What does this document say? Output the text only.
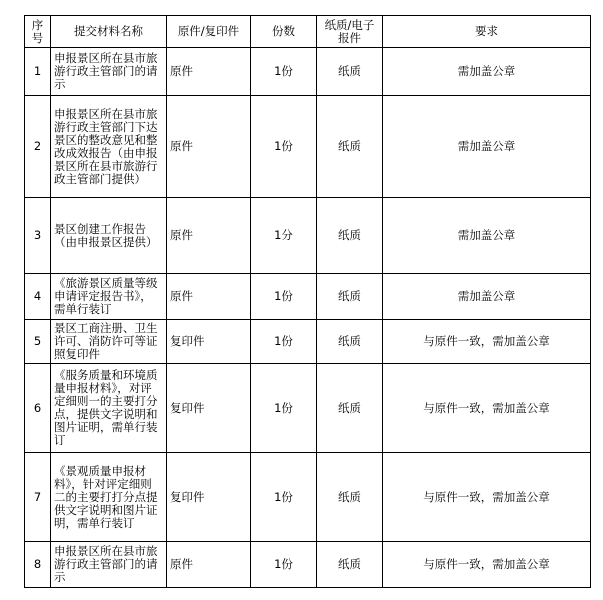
序号	提交材料名称	原件/复印件	份数	纸质/电子报件	要求
1	申报景区所在县市旅游行政主管部门的请示	原件	1份	纸质	需加盖公章
2	申报景区所在县市旅游行政主管部门下达景区的整改意见和整改成效报告（由申报景区所在县市旅游行政主管部门提供）	原件	1份	纸质	需加盖公章
3	景区创建工作报告（由申报景区提供）	原件	1分	纸质	需加盖公章
4	《旅游景区质量等级申请评定报告书》，需单行装订	原件	1份	纸质	需加盖公章
5	景区工商注册、卫生许可、消防许可等证照复印件	复印件	1份	纸质	与原件一致，需加盖公章
6	《服务质量和环境质量申报材料》，对评定细则一的主要打分点，提供文字说明和图片证明，需单行装订	复印件	1份	纸质	与原件一致，需加盖公章
7	《景观质量申报材料》，针对评定细则二的主要打打分点提供文字说明和图片证明，需单行装订	复印件	1份	纸质	与原件一致，需加盖公章
8	申报景区所在县市旅游行政主管部门的请示	原件	1份	纸质	与原件一致，需加盖公章
